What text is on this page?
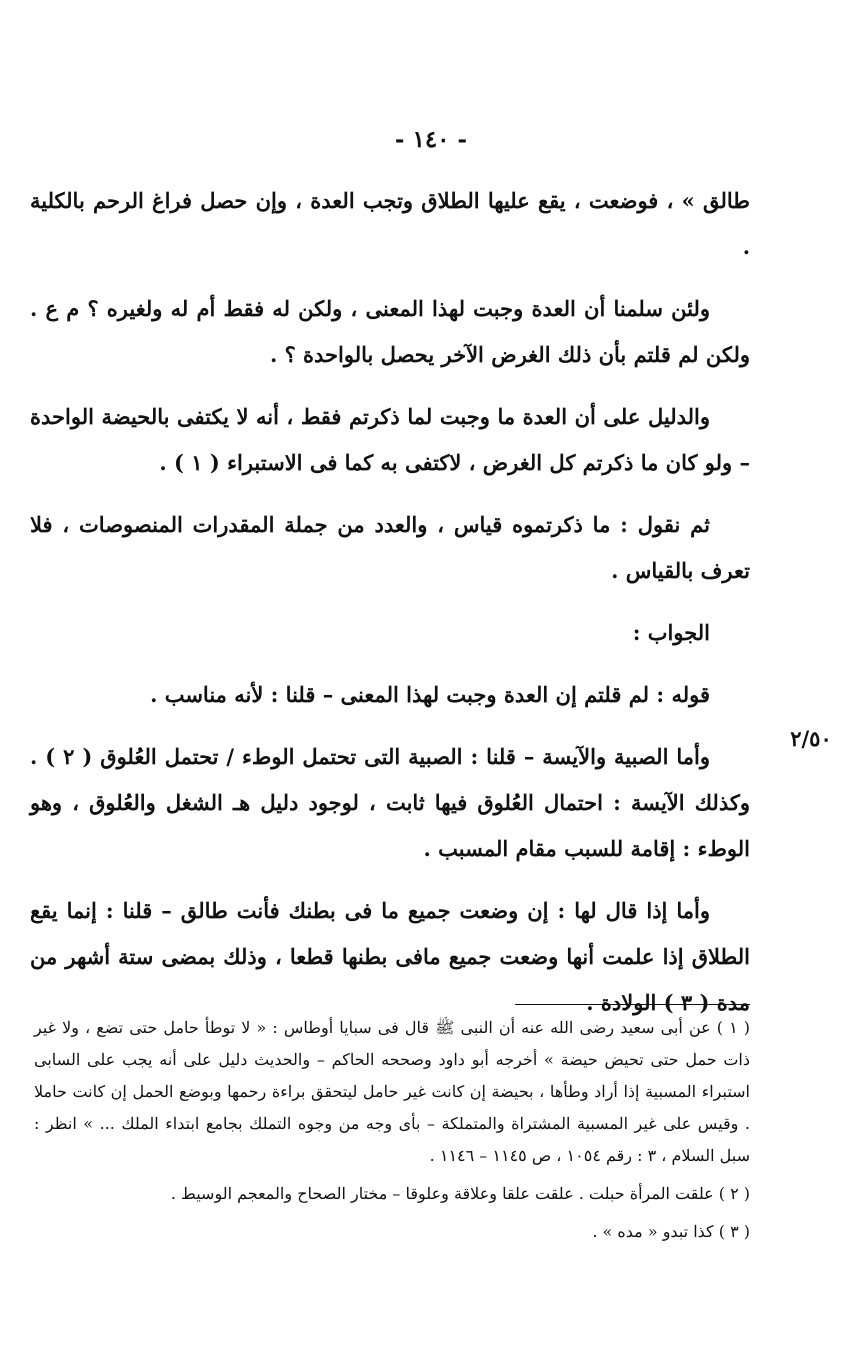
- ١٤٠ -
٢/٥٠

طالق » ، فوضعت ، يقع عليها الطلاق وتجب العدة ، وإن حصل فراغ الرحم بالكلية .

ولئن سلمنا أن العدة وجبت لهذا المعنى ، ولكن له فقط أم له ولغيره ؟ م ع . ولكن لم قلتم بأن ذلك الغرض الآخر يحصل بالواحدة ؟ .

والدليل على أن العدة ما وجبت لما ذكرتم فقط ، أنه لا يكتفى بالحيضة الواحدة – ولو كان ما ذكرتم كل الغرض ، لاكتفى به كما فى الاستبراء ( ١ ) .

ثم نقول : ما ذكرتموه قياس ، والعدد من جملة المقدرات المنصوصات ، فلا تعرف بالقياس .

الجواب :

قوله : لم قلتم إن العدة وجبت لهذا المعنى – قلنا : لأنه مناسب .

وأما الصبية والآيسة – قلنا : الصبية التى تحتمل الوطء / تحتمل العُلوق ( ٢ ) . وكذلك الآيسة : احتمال العُلوق فيها ثابت ، لوجود دليل هـ الشغل والعُلوق ، وهو الوطء : إقامة للسبب مقام المسبب .

وأما إذا قال لها : إن وضعت جميع ما فى بطنك فأنت طالق – قلنا : إنما يقع الطلاق إذا علمت أنها وضعت جميع مافى بطنها قطعا ، وذلك بمضى ستة أشهر من مدة ( ٣ ) الولادة .

( ١ ) عن أبى سعيد رضى الله عنه أن النبى ﷺ قال فى سبايا أوطاس : « لا توطأ حامل حتى تضع ، ولا غير ذات حمل حتى تحيض حيضة » أخرجه أبو داود وصححه الحاكم – والحديث دليل على أنه يجب على السابى استبراء المسبية إذا أراد وطأها ، بحيضة إن كانت غير حامل ليتحقق براءة رحمها وبوضع الحمل إن كانت حاملا . وقيس على غير المسبية المشتراة والمتملكة – بأى وجه من وجوه التملك بجامع ابتداء الملك ... » انظر : سبل السلام ، ٣ : رقم ١٠٥٤ ، ص ١١٤٥ – ١١٤٦ .

( ٢ ) علقت المرأة حبلت . علقت علقا وعلاقة وعلوقا – مختار الصحاح والمعجم الوسيط .

( ٣ ) كذا تبدو « مده » .
